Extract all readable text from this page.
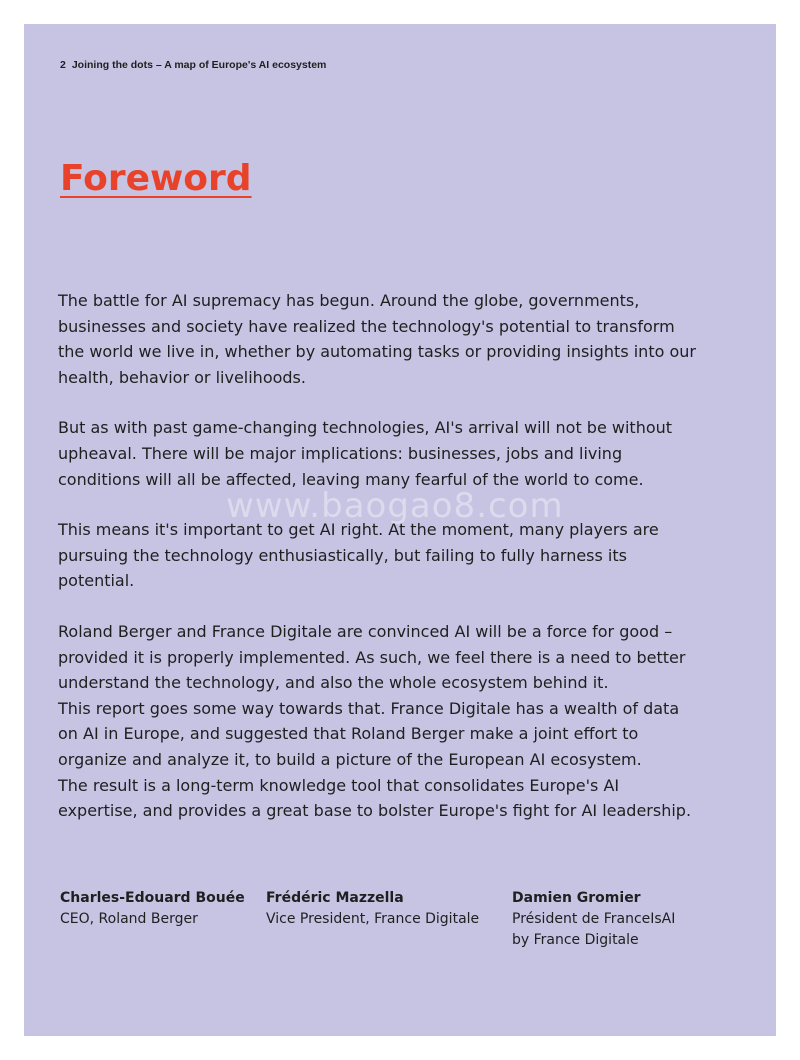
2 Joining the dots – A map of Europe's AI ecosystem
Foreword
www.baogao8.com

The battle for AI supremacy has begun. Around the globe, governments, businesses and society have realized the technology's potential to transform the world we live in, whether by automating tasks or providing insights into our health, behavior or livelihoods.

But as with past game-changing technologies, AI's arrival will not be without upheaval. There will be major implications: businesses, jobs and living conditions will all be affected, leaving many fearful of the world to come.

This means it's important to get AI right. At the moment, many players are pursuing the technology enthusiastically, but failing to fully harness its potential.

Roland Berger and France Digitale are convinced AI will be a force for good – provided it is properly implemented. As such, we feel there is a need to better understand the technology, and also the whole ecosystem behind it.

This report goes some way towards that. France Digitale has a wealth of data on AI in Europe, and suggested that Roland Berger make a joint effort to organize and analyze it, to build a picture of the European AI ecosystem.

The result is a long-term knowledge tool that consolidates Europe's AI expertise, and provides a great base to bolster Europe's fight for AI leadership.

Charles-Edouard Bouée
CEO, Roland Berger
Frédéric Mazzella
Vice President, France Digitale
Damien Gromier
Président de FranceIsAI by France Digitale
